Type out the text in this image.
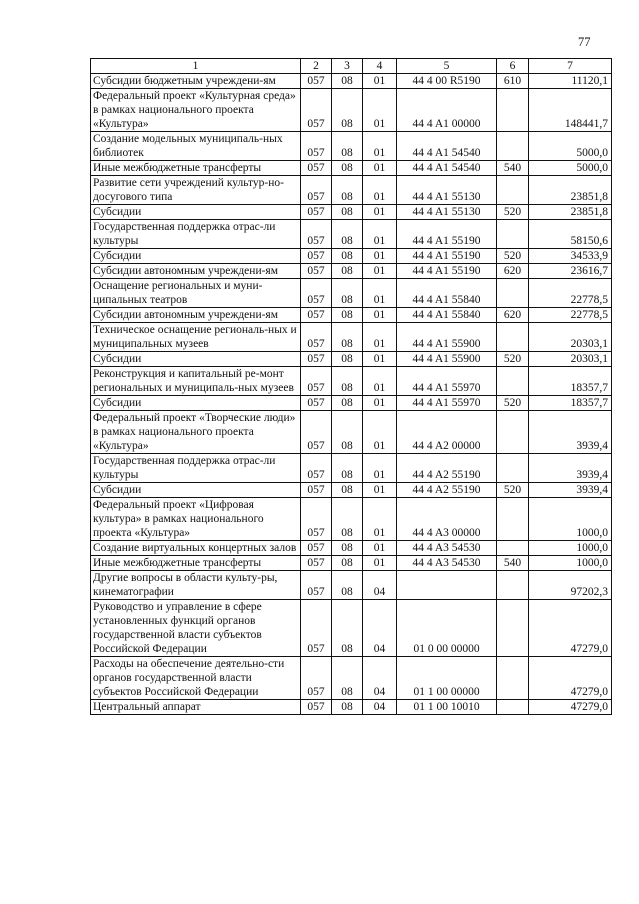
77
1	2	3	4	5	6	7
Субсидии бюджетным учреждени-ям	057	08	01	44 4 00 R5190	610	11120,1
Федеральный проект «Культурная среда» в рамках национального проекта «Культура»	057	08	01	44 4 A1 00000		148441,7
Создание модельных муниципаль-ных библиотек	057	08	01	44 4 A1 54540		5000,0
Иные межбюджетные трансферты	057	08	01	44 4 A1 54540	540	5000,0
Развитие сети учреждений культур-но-досугового типа	057	08	01	44 4 A1 55130		23851,8
Субсидии	057	08	01	44 4 A1 55130	520	23851,8
Государственная поддержка отрас-ли культуры	057	08	01	44 4 A1 55190		58150,6
Субсидии	057	08	01	44 4 A1 55190	520	34533,9
Субсидии автономным учреждени-ям	057	08	01	44 4 A1 55190	620	23616,7
Оснащение региональных и муни-ципальных театров	057	08	01	44 4 A1 55840		22778,5
Субсидии автономным учреждени-ям	057	08	01	44 4 A1 55840	620	22778,5
Техническое оснащение региональ-ных и муниципальных музеев	057	08	01	44 4 A1 55900		20303,1
Субсидии	057	08	01	44 4 A1 55900	520	20303,1
Реконструкция и капитальный ре-монт региональных и муниципаль-ных музеев	057	08	01	44 4 A1 55970		18357,7
Субсидии	057	08	01	44 4 A1 55970	520	18357,7
Федеральный проект «Творческие люди» в рамках национального проекта «Культура»	057	08	01	44 4 A2 00000		3939,4
Государственная поддержка отрас-ли культуры	057	08	01	44 4 A2 55190		3939,4
Субсидии	057	08	01	44 4 A2 55190	520	3939,4
Федеральный проект «Цифровая культура» в рамках национального проекта «Культура»	057	08	01	44 4 A3 00000		1000,0
Создание виртуальных концертных залов	057	08	01	44 4 A3 54530		1000,0
Иные межбюджетные трансферты	057	08	01	44 4 A3 54530	540	1000,0
Другие вопросы в области культу-ры, кинематографии	057	08	04			97202,3
Руководство и управление в сфере установленных функций органов государственной власти субъектов Российской Федерации	057	08	04	01 0 00 00000		47279,0
Расходы на обеспечение деятельно-сти органов государственной власти субъектов Российской Федерации	057	08	04	01 1 00 00000		47279,0
Центральный аппарат	057	08	04	01 1 00 10010		47279,0
